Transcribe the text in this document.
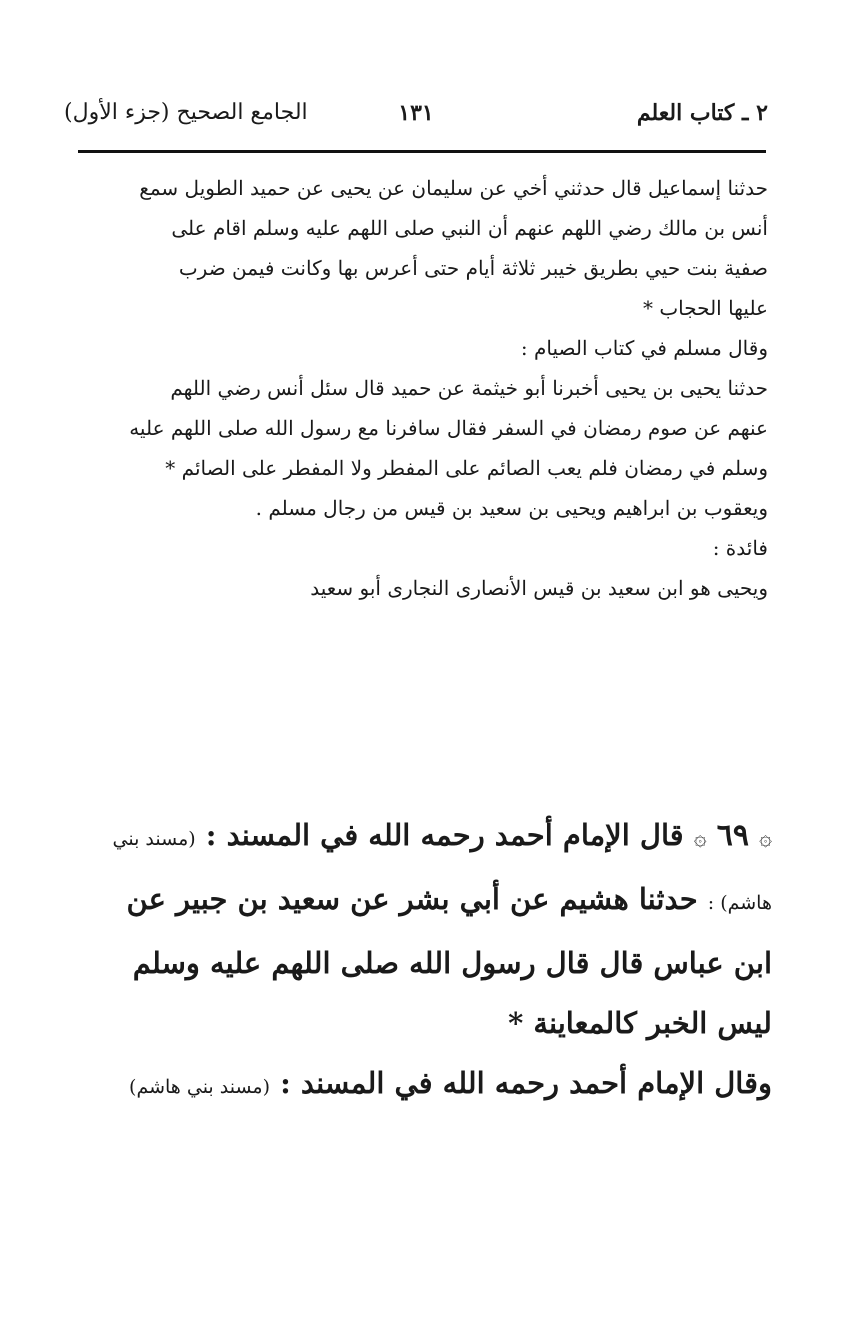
٢ ـ كتاب العلم
١٣١
الجامع الصحيح (جزء الأول)

حدثنا إسماعيل قال حدثني أخي عن سليمان عن يحيى عن حميد الطويل سمع

أنس بن مالك رضي اللهم عنهم أن النبي صلى اللهم عليه وسلم اقام على

صفية بنت حيي بطريق خيبر ثلاثة أيام حتى أعرس بها وكانت فيمن ضرب

عليها الحجاب *

وقال مسلم في كتاب الصيام :

حدثنا يحيى بن يحيى أخبرنا أبو خيثمة عن حميد قال سئل أنس رضي اللهم

عنهم عن صوم رمضان في السفر فقال سافرنا مع رسول الله صلى اللهم عليه

وسلم في رمضان فلم يعب الصائم على المفطر ولا المفطر على الصائم *

ويعقوب بن ابراهيم ويحيى بن سعيد بن قيس من رجال مسلم .

فائدة :

ويحيى هو ابن سعيد بن قيس الأنصارى النجارى أبو سعيد

۞ ٦٩ ۞ قال الإمام أحمد رحمه الله في المسند : (مسند بني

هاشم) : حدثنا هشيم عن أبي بشر عن سعيد بن جبير عن

ابن عباس قال قال رسول الله صلى اللهم عليه وسلم

ليس الخبر كالمعاينة *

وقال الإمام أحمد رحمه الله في المسند : (مسند بني هاشم)
